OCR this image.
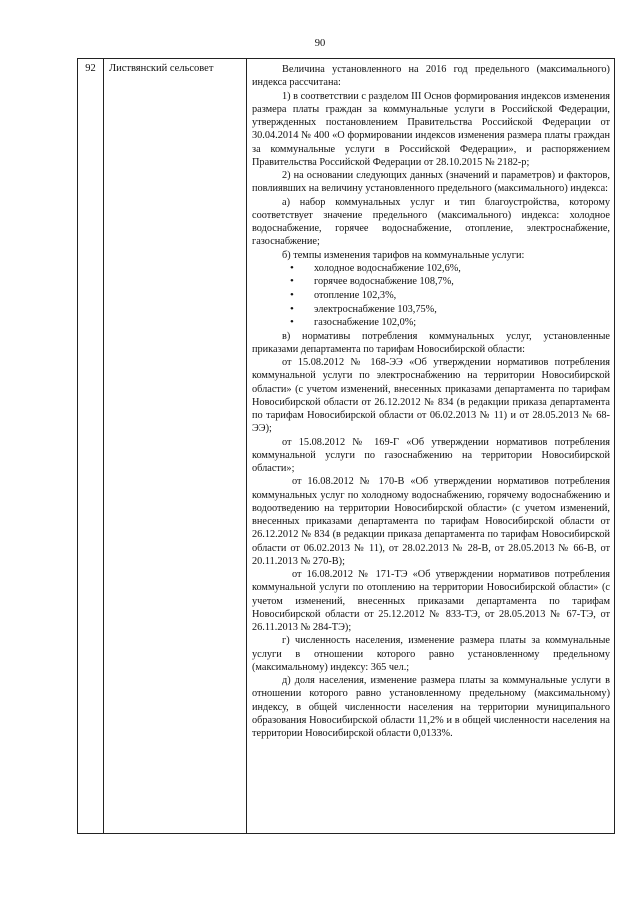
90
92	Листвянский сельсовет	Величина установленного на 2016 год предельного (максимального) индекса рассчитана:

1) в соответствии с разделом III Основ формирования индексов изменения размера платы граждан за коммунальные услуги в Российской Федерации, утвержденных постановлением Правительства Российской Федерации от 30.04.2014 № 400 «О формировании индексов изменения размера платы граждан за коммунальные услуги в Российской Федерации», и распоряжением Правительства Российской Федерации от 28.10.2015 № 2182-р;

2) на основании следующих данных (значений и параметров) и факторов, повлиявших на величину установленного предельного (максимального) индекса:

а) набор коммунальных услуг и тип благоустройства, которому соответствует значение предельного (максимального) индекса: холодное водоснабжение, горячее водоснабжение, отопление, электроснабжение, газоснабжение;

б) темпы изменения тарифов на коммунальные услуги:

• холодное водоснабжение 102,6%,
• горячее водоснабжение 108,7%,
• отопление 102,3%,
• электроснабжение 103,75%,
• газоснабжение 102,0%;

в) нормативы потребления коммунальных услуг, установленные приказами департамента по тарифам Новосибирской области:

от 15.08.2012 № 168-ЭЭ «Об утверждении нормативов потребления коммунальной услуги по электроснабжению на территории Новосибирской области» (с учетом изменений, внесенных приказами департамента по тарифам Новосибирской области от 26.12.2012 № 834 (в редакции приказа департамента по тарифам Новосибирской области от 06.02.2013 № 11) и от 28.05.2013 № 68-ЭЭ);

от 15.08.2012 № 169-Г «Об утверждении нормативов потребления коммунальной услуги по газоснабжению на территории Новосибирской области»;

от 16.08.2012 № 170-В «Об утверждении нормативов потребления коммунальных услуг по холодному водоснабжению, горячему водоснабжению и водоотведению на территории Новосибирской области» (с учетом изменений, внесенных приказами департамента по тарифам Новосибирской области от 26.12.2012 № 834 (в редакции приказа департамента по тарифам Новосибирской области от 06.02.2013 № 11), от 28.02.2013 № 28-В, от 28.05.2013 № 66-В, от 20.11.2013 № 270-В);

от 16.08.2012 № 171-ТЭ «Об утверждении нормативов потребления коммунальной услуги по отоплению на территории Новосибирской области» (с учетом изменений, внесенных приказами департамента по тарифам Новосибирской области от 25.12.2012 № 833-ТЭ, от 28.05.2013 № 67-ТЭ, от 26.11.2013 № 284-ТЭ);

г) численность населения, изменение размера платы за коммунальные услуги в отношении которого равно установленному предельному (максимальному) индексу: 365 чел.;

д) доля населения, изменение размера платы за коммунальные услуги в отношении которого равно установленному предельному (максимальному) индексу, в общей численности населения на территории муниципального образования Новосибирской области 11,2% и в общей численности населения на территории Новосибирской области 0,0133%.
